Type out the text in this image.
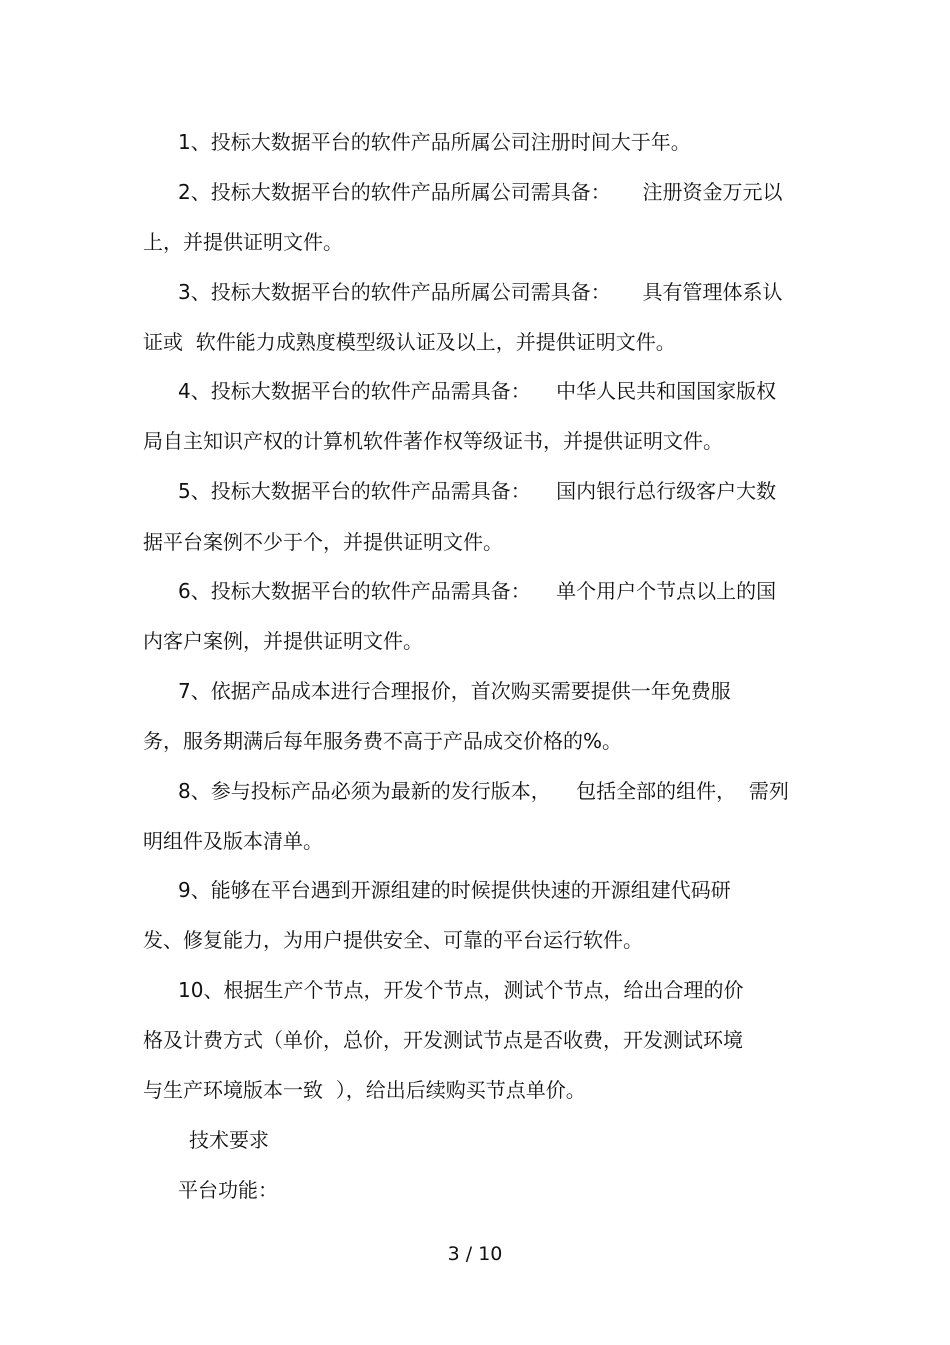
1、投标大数据平台的软件产品所属公司注册时间大于年。
2、投标大数据平台的软件产品所属公司需具备：     注册资金万元以
上，并提供证明文件。
3、投标大数据平台的软件产品所属公司需具备：     具有管理体系认
证或  软件能力成熟度模型级认证及以上，并提供证明文件。
4、投标大数据平台的软件产品需具备：    中华人民共和国国家版权
局自主知识产权的计算机软件著作权等级证书，并提供证明文件。
5、投标大数据平台的软件产品需具备：    国内银行总行级客户大数
据平台案例不少于个，并提供证明文件。
6、投标大数据平台的软件产品需具备：    单个用户个节点以上的国
内客户案例，并提供证明文件。
7、依据产品成本进行合理报价，首次购买需要提供一年免费服
务，服务期满后每年服务费不高于产品成交价格的%。
8、参与投标产品必须为最新的发行版本，    包括全部的组件，  需列
明组件及版本清单。
9、能够在平台遇到开源组建的时候提供快速的开源组建代码研
发、修复能力，为用户提供安全、可靠的平台运行软件。
10、根据生产个节点，开发个节点，测试个节点，给出合理的价
格及计费方式（单价，总价，开发测试节点是否收费，开发测试环境
与生产环境版本一致  ），给出后续购买节点单价。
技术要求
平台功能：
3 / 10
